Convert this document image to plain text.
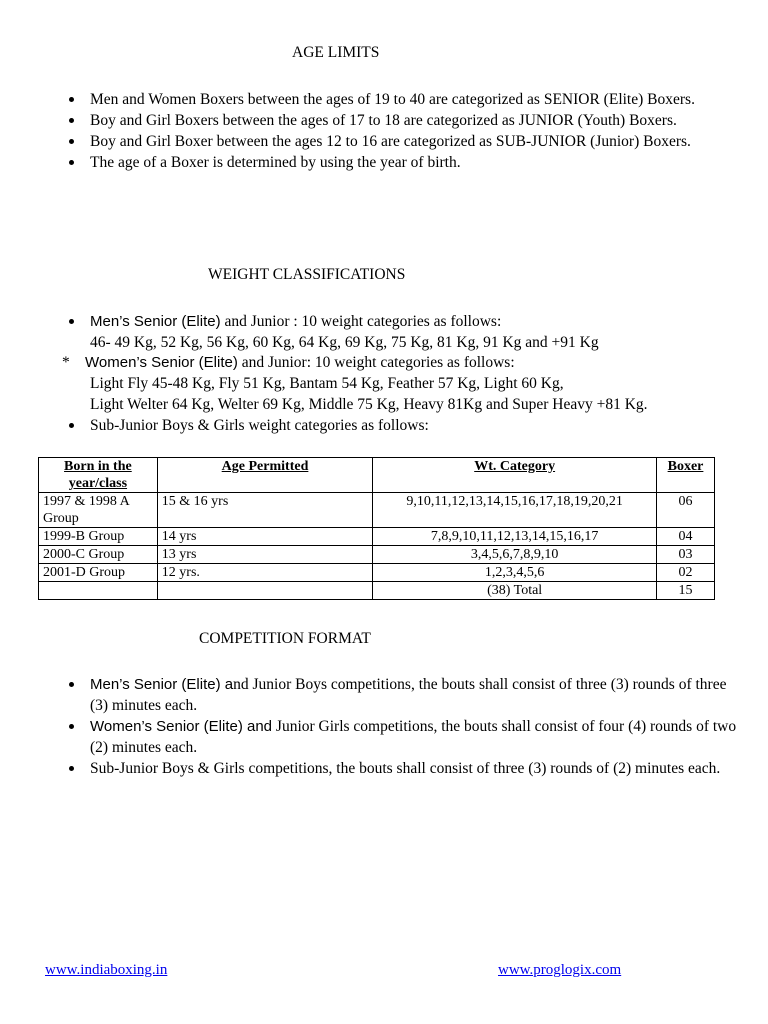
AGE LIMITS
Men and Women Boxers between the ages of 19 to 40 are categorized as SENIOR (Elite) Boxers.
Boy and Girl Boxers between the ages of 17 to 18 are categorized as JUNIOR (Youth) Boxers.
Boy and Girl Boxer between the ages 12 to 16 are categorized as SUB-JUNIOR (Junior) Boxers.
The age of a Boxer is determined by using the year of birth.
WEIGHT CLASSIFICATIONS
Men’s Senior (Elite) and Junior : 10 weight categories as follows:
46- 49 Kg, 52 Kg, 56 Kg, 60 Kg, 64 Kg, 69 Kg, 75 Kg, 81 Kg, 91 Kg and +91 Kg
* Women’s Senior (Elite) and Junior: 10 weight categories as follows:
Light Fly 45-48 Kg, Fly 51 Kg, Bantam 54 Kg, Feather 57 Kg, Light 60 Kg,
Light Welter 64 Kg, Welter 69 Kg, Middle 75 Kg, Heavy 81Kg and Super Heavy +81 Kg.
Sub-Junior Boys & Girls weight categories as follows:
Born in the year/class	Age Permitted	Wt. Category	Boxer
1997 & 1998 A Group	15 & 16 yrs	9,10,11,12,13,14,15,16,17,18,19,20,21	06
1999-B Group	14 yrs	7,8,9,10,11,12,13,14,15,16,17	04
2000-C Group	13 yrs	3,4,5,6,7,8,9,10	03
2001-D Group	12 yrs.	1,2,3,4,5,6	02
		(38) Total	15
COMPETITION FORMAT
Men’s Senior (Elite) and Junior Boys competitions, the bouts shall consist of three (3) rounds of three (3) minutes each.
Women’s Senior (Elite) and Junior Girls competitions, the bouts shall consist of four (4) rounds of two (2) minutes each.
Sub-Junior Boys & Girls competitions, the bouts shall consist of three (3) rounds of (2) minutes each.
www.indiaboxing.in	www.proglogix.com
